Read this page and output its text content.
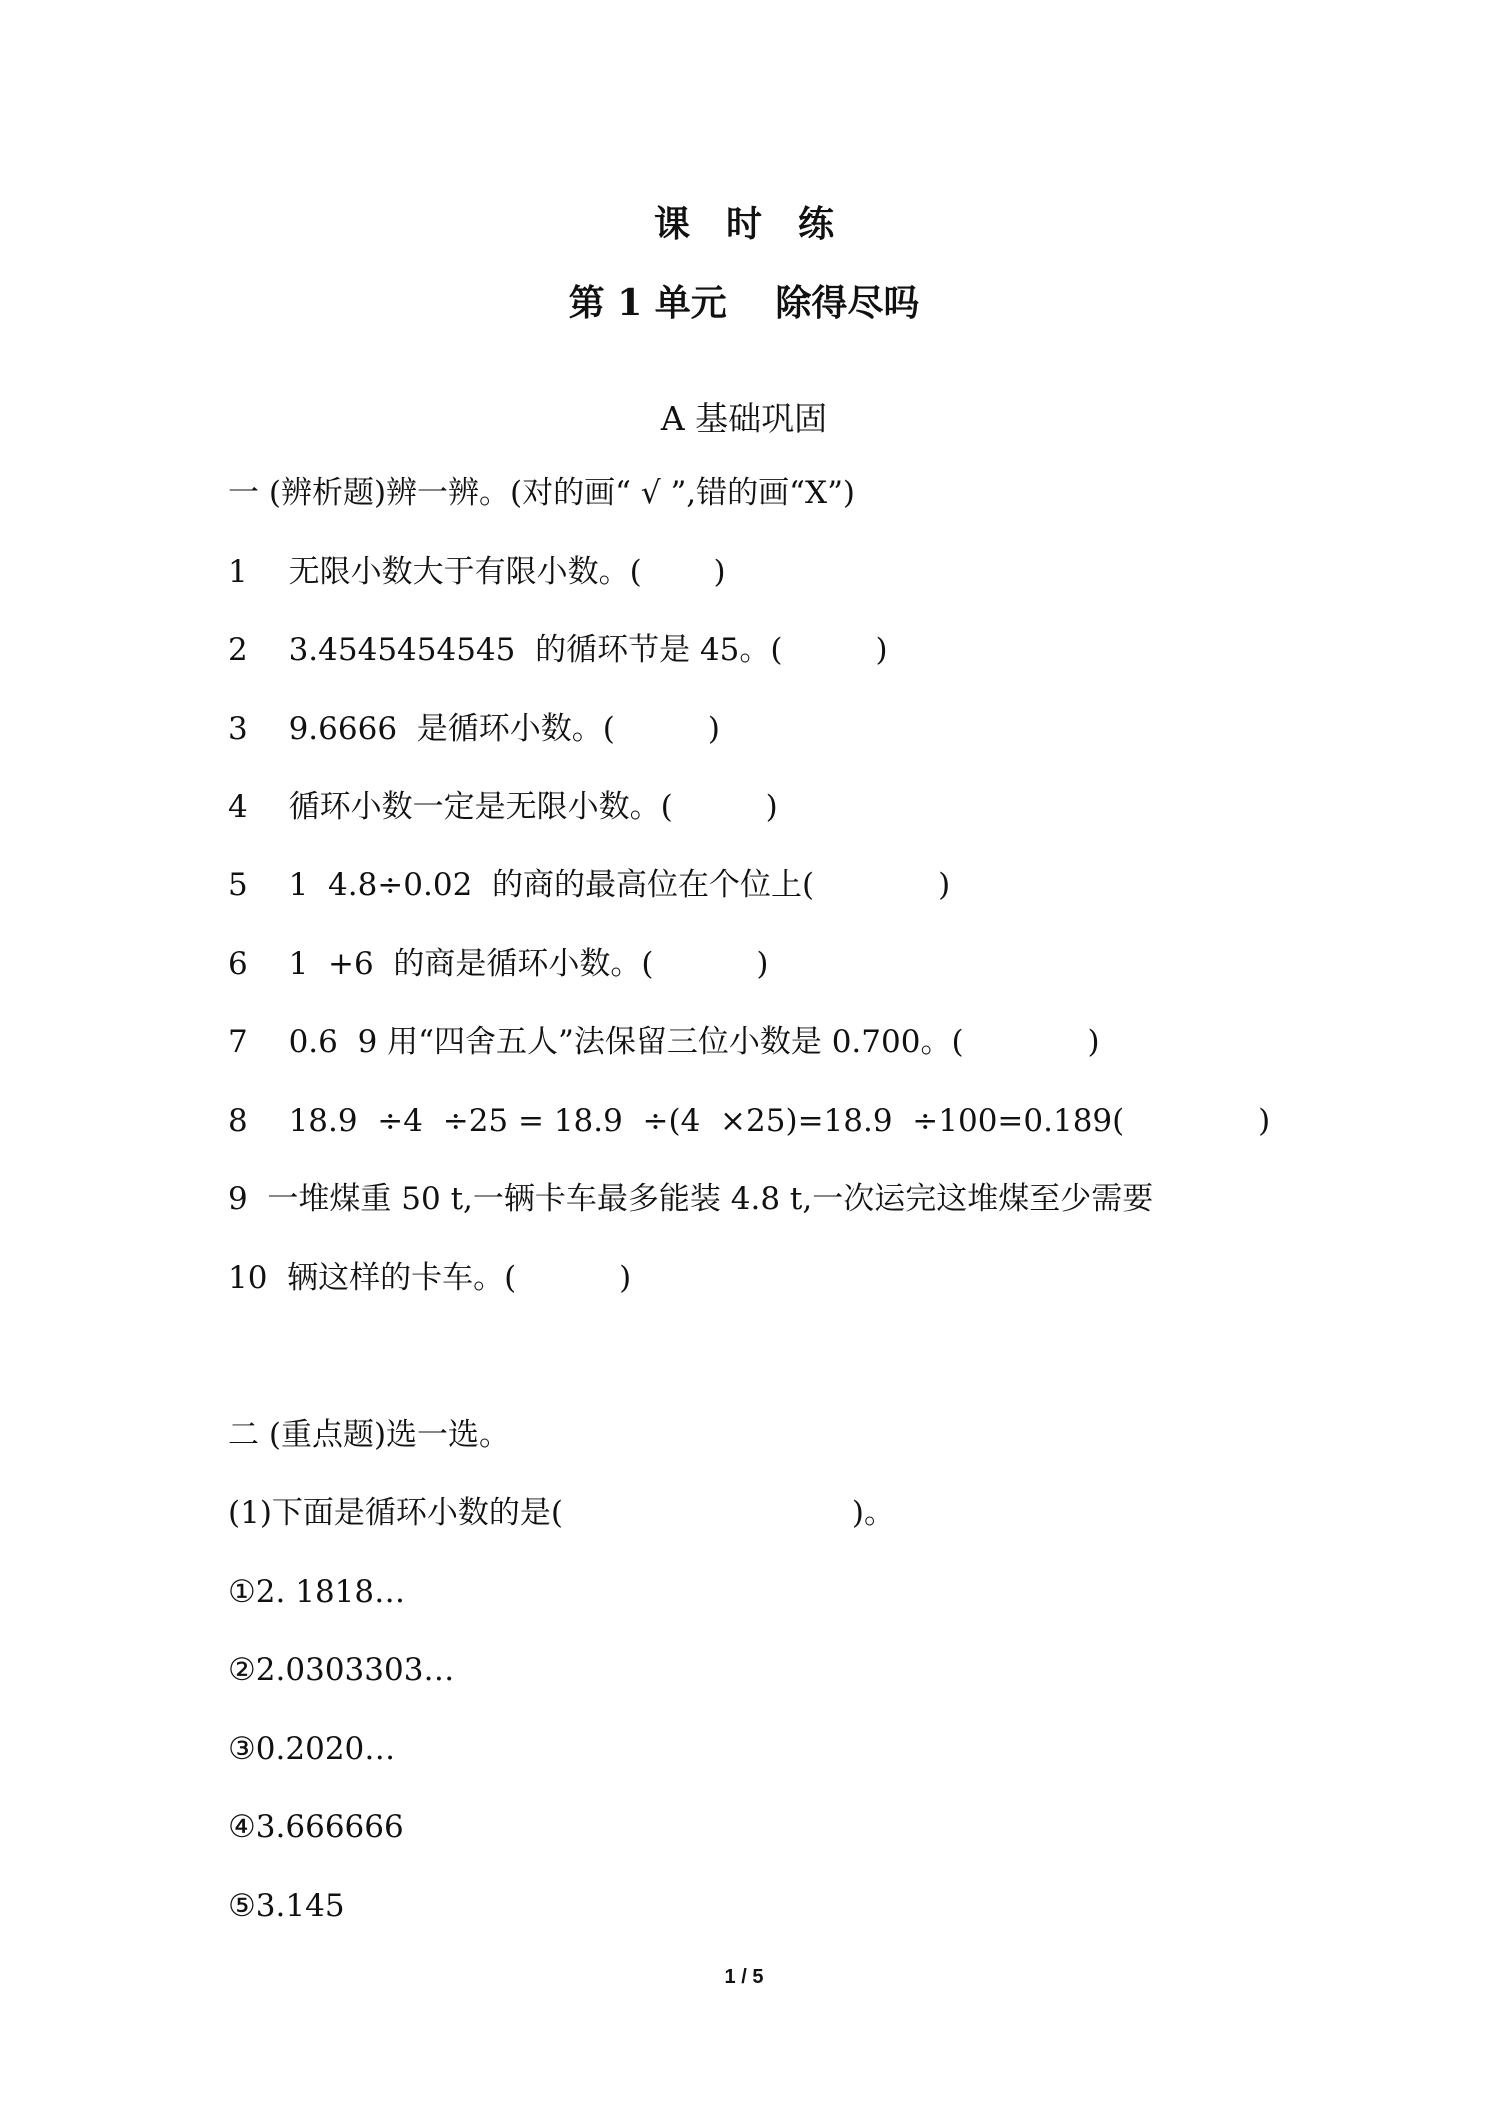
课　时　练
第 1 单元　 除得尽吗
A 基础巩固
一 (辨析题)辨一辨。(对的画“ √ ”,错的画“X”)
1　 无限小数大于有限小数。(　　 )
2　 3.4545454545  的循环节是 45。(　　　)
3　 9.6666  是循环小数。(　　　)
4　 循环小数一定是无限小数。(　　　)
5　 1  4.8÷0.02  的商的最高位在个位上(　　　　)
6　 1  +6  的商是循环小数。(　　　 )
7　 0.6  9 用“四舍五人”法保留三位小数是 0.700。(　　　　)
8　 18.9  ÷4  ÷25 = 18.9  ÷(4  ×25)=18.9  ÷100=0.189(　　　　 )
9  一堆煤重 50 t,一辆卡车最多能装 4.8 t,一次运完这堆煤至少需要
10  辆这样的卡车。(　　　 )
二 (重点题)选一选。
(1)下面是循环小数的是(　　　　　　　　　 )。
①2. 1818…
②2.0303303…
③0.2020…
④3.666666
⑤3.145
1 / 5
